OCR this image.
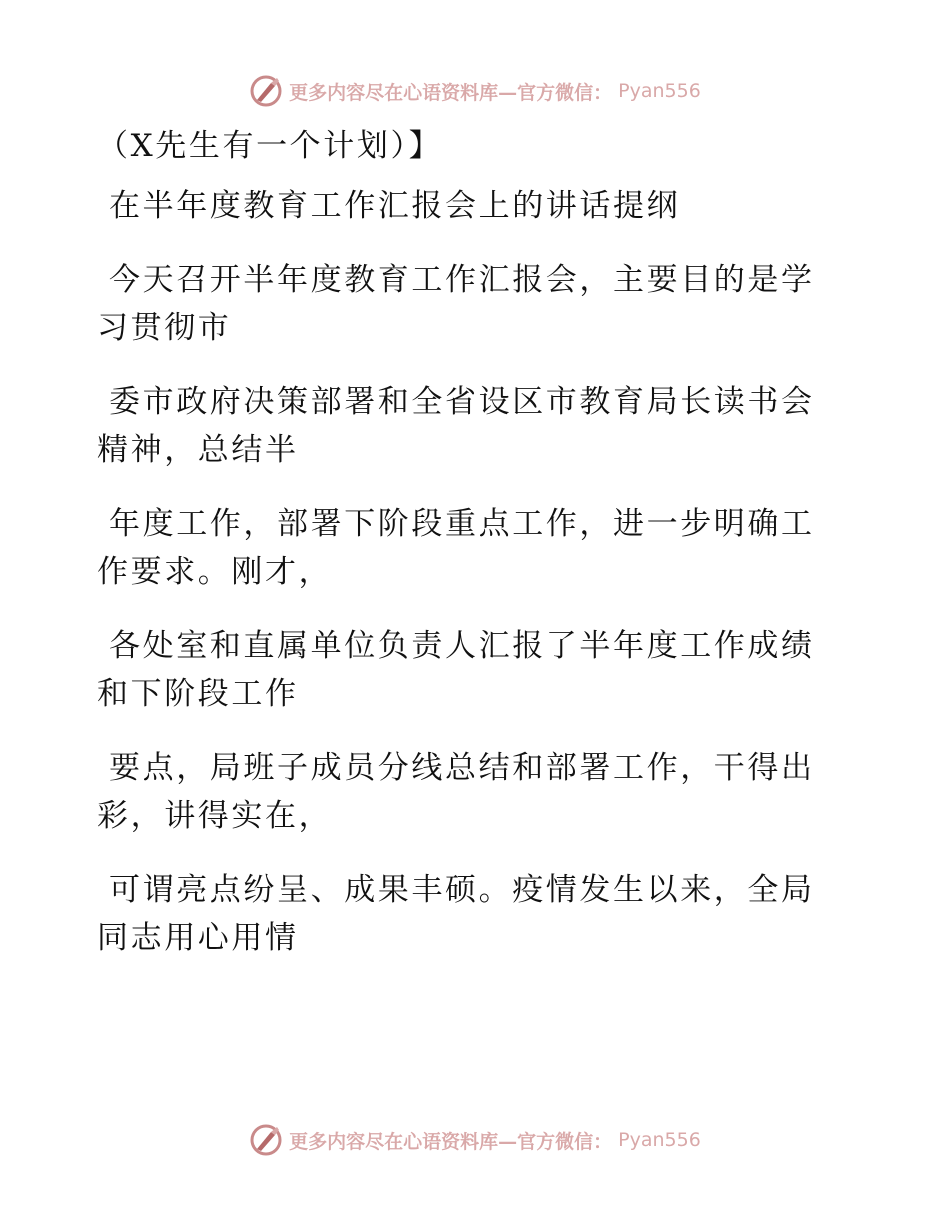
更多内容尽在心语资料库—官方微信： Pyan556
（X先生有一个计划）】
在半年度教育工作汇报会上的讲话提纲
今天召开半年度教育工作汇报会，主要目的是学
习贯彻市
委市政府决策部署和全省设区市教育局长读书会
精神，总结半
年度工作，部署下阶段重点工作，进一步明确工
作要求。刚才，
各处室和直属单位负责人汇报了半年度工作成绩
和下阶段工作
要点，局班子成员分线总结和部署工作，干得出
彩，讲得实在，
可谓亮点纷呈、成果丰硕。疫情发生以来，全局
同志用心用情
更多内容尽在心语资料库—官方微信： Pyan556
